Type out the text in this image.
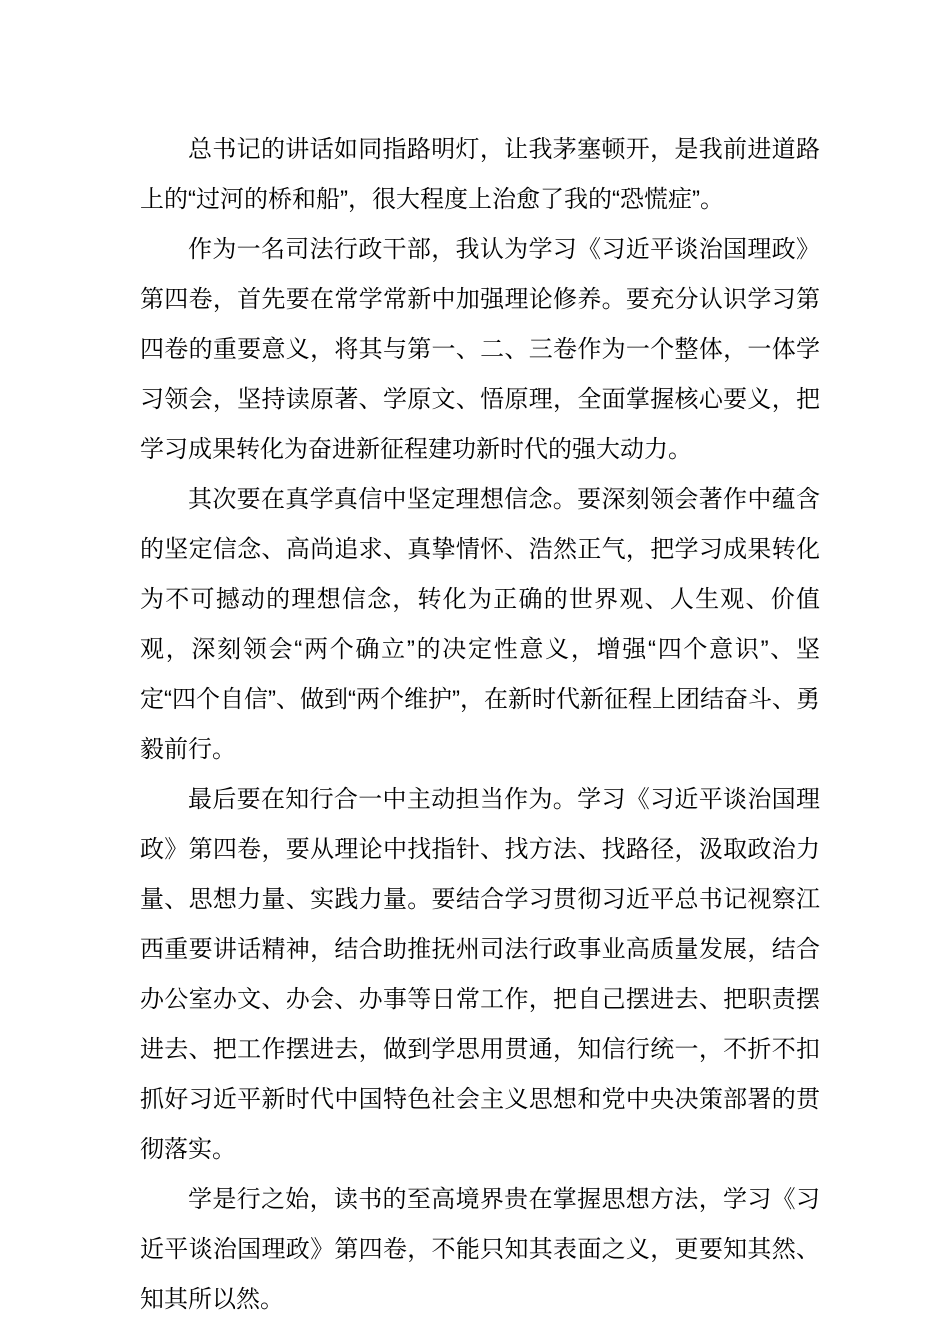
总书记的讲话如同指路明灯，让我茅塞顿开，是我前进道路上的“过河的桥和船”，很大程度上治愈了我的“恐慌症”。

作为一名司法行政干部，我认为学习《习近平谈治国理政》第四卷，首先要在常学常新中加强理论修养。要充分认识学习第四卷的重要意义，将其与第一、二、三卷作为一个整体，一体学习领会，坚持读原著、学原文、悟原理，全面掌握核心要义，把学习成果转化为奋进新征程建功新时代的强大动力。

其次要在真学真信中坚定理想信念。要深刻领会著作中蕴含的坚定信念、高尚追求、真挚情怀、浩然正气，把学习成果转化为不可撼动的理想信念，转化为正确的世界观、人生观、价值观，深刻领会“两个确立”的决定性意义，增强“四个意识”、坚定“四个自信”、做到“两个维护”，在新时代新征程上团结奋斗、勇毅前行。

最后要在知行合一中主动担当作为。学习《习近平谈治国理政》第四卷，要从理论中找指针、找方法、找路径，汲取政治力量、思想力量、实践力量。要结合学习贯彻习近平总书记视察江西重要讲话精神，结合助推抚州司法行政事业高质量发展，结合办公室办文、办会、办事等日常工作，把自己摆进去、把职责摆进去、把工作摆进去，做到学思用贯通，知信行统一，不折不扣抓好习近平新时代中国特色社会主义思想和党中央决策部署的贯彻落实。

学是行之始，读书的至高境界贵在掌握思想方法，学习《习近平谈治国理政》第四卷，不能只知其表面之义，更要知其然、知其所以然。
